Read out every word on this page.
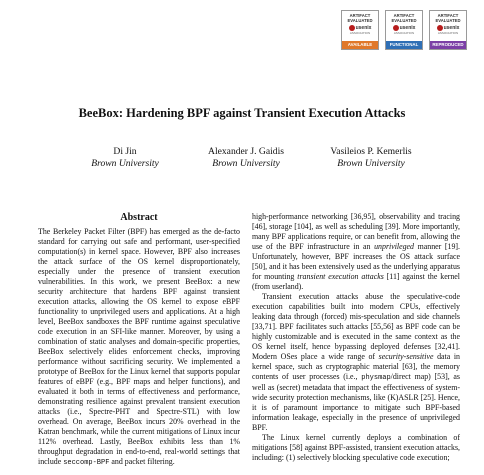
ARTIFACT
EVALUATED
usenix
ASSOCIATION
AVAILABLE
ARTIFACT
EVALUATED
usenix
ASSOCIATION
FUNCTIONAL
ARTIFACT
EVALUATED
usenix
ASSOCIATION
REPRODUCED
BeeBox: Hardening BPF against Transient Execution Attacks
Di Jin
Brown University
Alexander J. Gaidis
Brown University
Vasileios P. Kemerlis
Brown University
Abstract

The Berkeley Packet Filter (BPF) has emerged as the de-facto standard for carrying out safe and performant, user-specified computation(s) in kernel space. However, BPF also increases the attack surface of the OS kernel disproportionately, especially under the presence of transient execution vulnerabilities. In this work, we present BeeBox: a new security architecture that hardens BPF against transient execution attacks, allowing the OS kernel to expose eBPF functionality to unprivileged users and applications. At a high level, BeeBox sandboxes the BPF runtime against speculative code execution in an SFI-like manner. Moreover, by using a combination of static analyses and domain-specific properties, BeeBox selectively elides enforcement checks, improving performance without sacrificing security. We implemented a prototype of BeeBox for the Linux kernel that supports popular features of eBPF (e.g., BPF maps and helper functions), and evaluated it both in terms of effectiveness and performance, demonstrating resilience against prevalent transient execution attacks (i.e., Spectre-PHT and Spectre-STL) with low overhead. On average, BeeBox incurs 20% overhead in the Katran benchmark, while the current mitigations of Linux incur 112% overhead. Lastly, BeeBox exhibits less than 1% throughput degradation in end-to-end, real-world settings that include seccomp-BPF and packet filtering.

high-performance networking [36,95], observability and tracing [46], storage [104], as well as scheduling [39]. More importantly, many BPF applications require, or can benefit from, allowing the use of the BPF infrastructure in an unprivileged manner [19]. Unfortunately, however, BPF increases the OS attack surface [50], and it has been extensively used as the underlying apparatus for mounting transient execution attacks [11] against the kernel (from userland).

Transient execution attacks abuse the speculative-code execution capabilities built into modern CPUs, effectively leaking data through (forced) mis-speculation and side channels [33,71]. BPF facilitates such attacks [55,56] as BPF code can be highly customizable and is executed in the same context as the OS kernel itself, hence bypassing deployed defenses [32,41]. Modern OSes place a wide range of security-sensitive data in kernel space, such as cryptographic material [63], the memory contents of user processes (i.e., physmap/direct map) [53], as well as (secret) metadata that impact the effectiveness of system-wide security protection mechanisms, like (K)ASLR [25]. Hence, it is of paramount importance to mitigate such BPF-based information leakage, especially in the presence of unprivileged BPF.

The Linux kernel currently deploys a combination of mitigations [58] against BPF-assisted, transient execution attacks, including: (1) selectively blocking speculative code execution;
